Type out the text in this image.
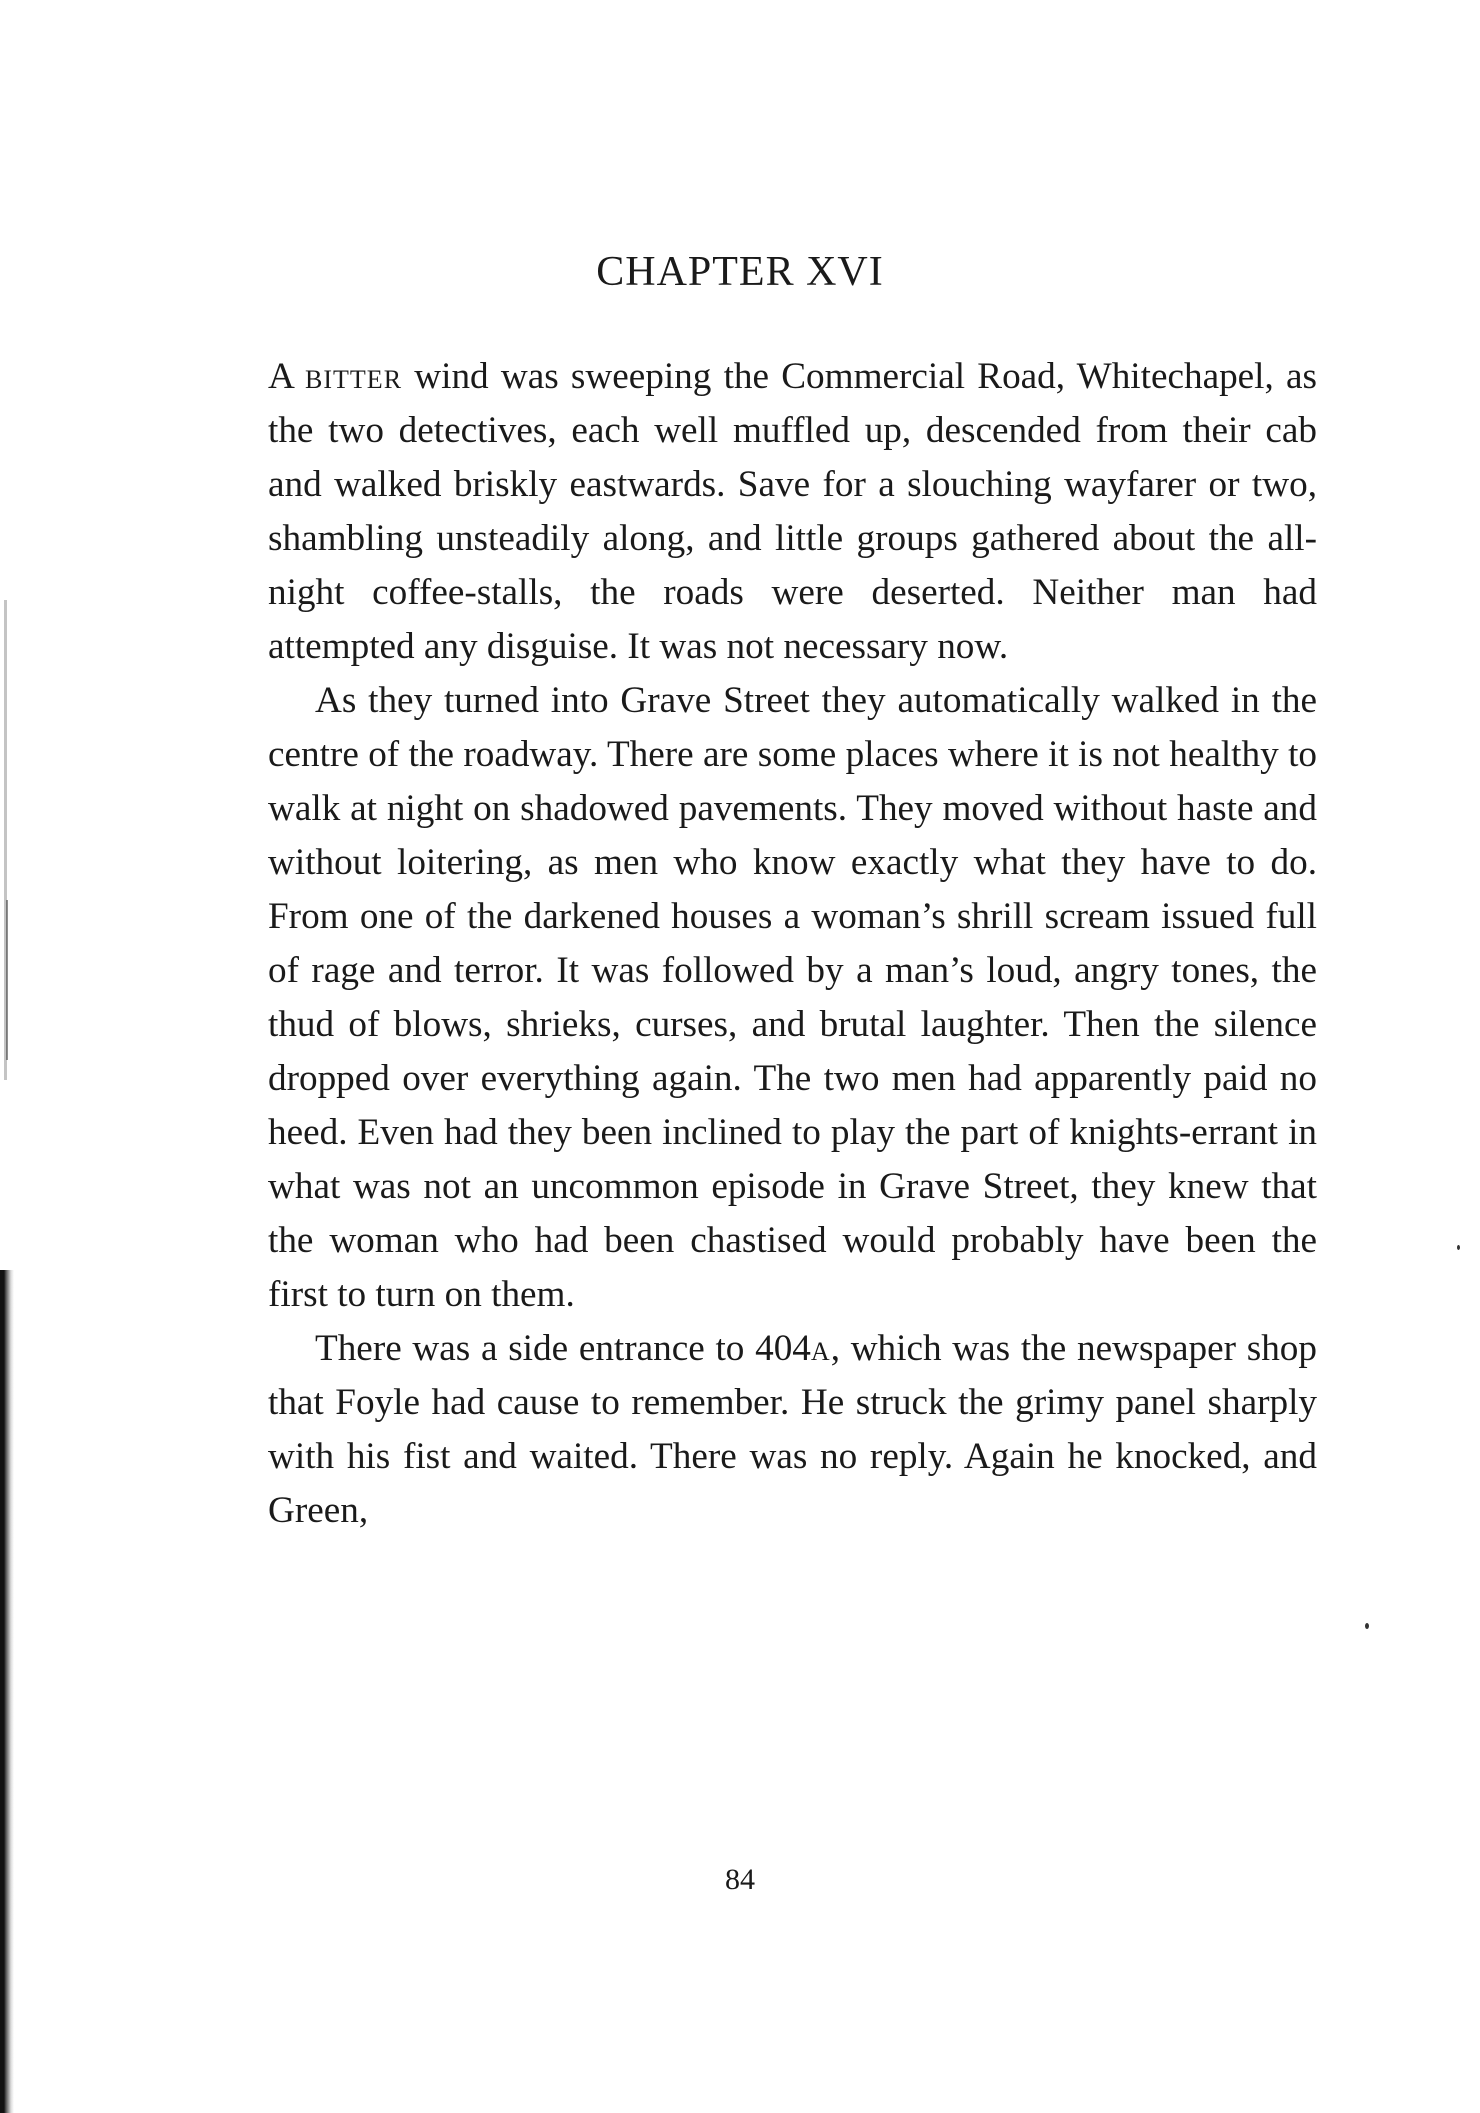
CHAPTER XVI

A bitter wind was sweeping the Commercial Road, Whitechapel, as the two detectives, each well muffled up, descended from their cab and walked briskly eastwards. Save for a slouching wayfarer or two, shambling unsteadily along, and little groups gathered about the all-night coffee-stalls, the roads were deserted. Neither man had attempted any disguise. It was not necessary now.

As they turned into Grave Street they automatically walked in the centre of the roadway. There are some places where it is not healthy to walk at night on shadowed pavements. They moved without haste and without loitering, as men who know exactly what they have to do. From one of the darkened houses a woman’s shrill scream issued full of rage and terror. It was followed by a man’s loud, angry tones, the thud of blows, shrieks, curses, and brutal laughter. Then the silence dropped over everything again. The two men had apparently paid no heed. Even had they been inclined to play the part of knights-errant in what was not an uncommon episode in Grave Street, they knew that the woman who had been chastised would probably have been the first to turn on them.

There was a side entrance to 404a, which was the newspaper shop that Foyle had cause to remember. He struck the grimy panel sharply with his fist and waited. There was no reply. Again he knocked, and Green,

84
